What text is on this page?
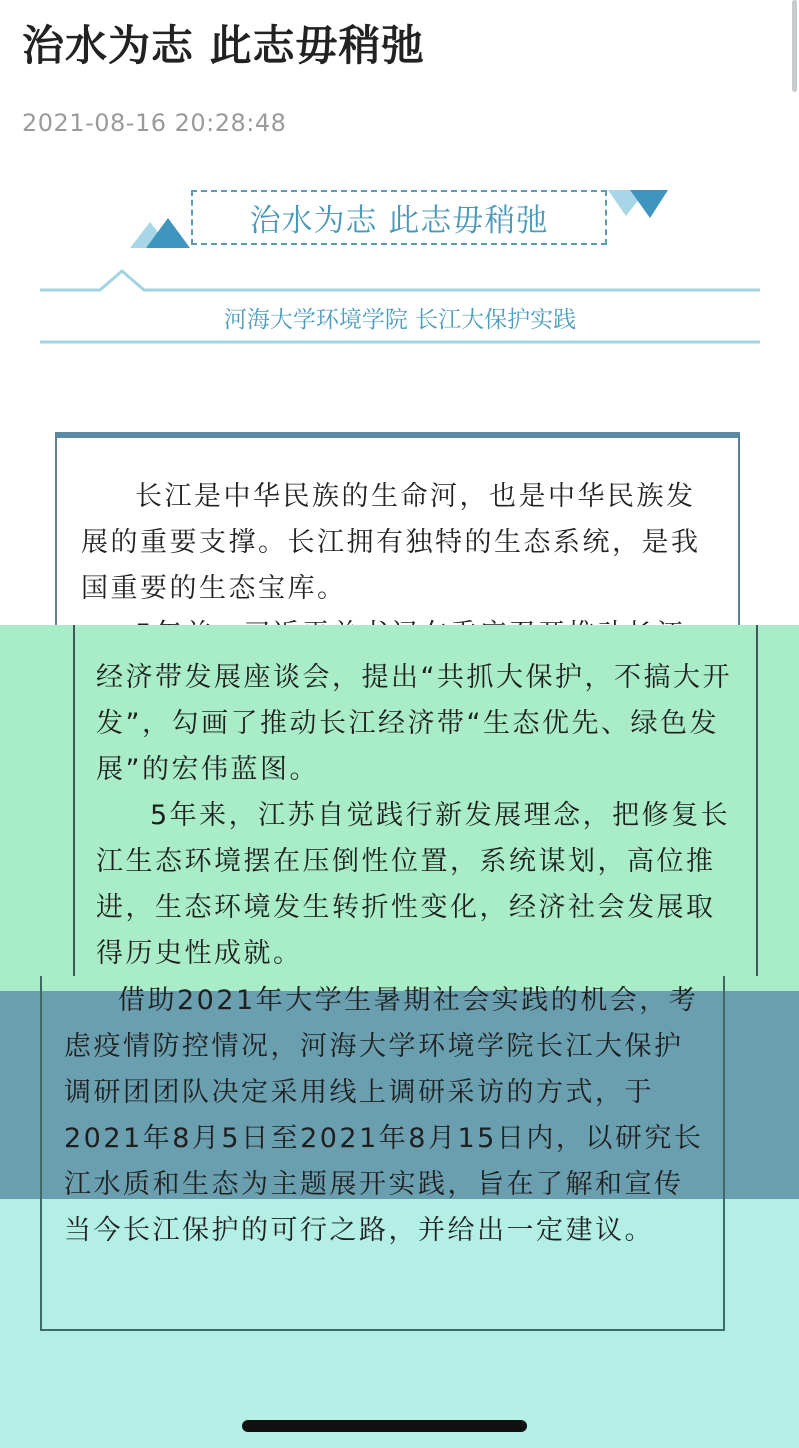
治水为志 此志毋稍弛
2021-08-16 20:28:48
治水为志 此志毋稍弛
河海大学环境学院 长江大保护实践

长江是中华民族的生命河，也是中华民族发展的重要支撑。长江拥有独特的生态系统，是我国重要的生态宝库。

经济带发展座谈会，提出“共抓大保护，不搞大开发”，勾画了推动长江经济带“生态优先、绿色发展”的宏伟蓝图。

5年来，江苏自觉践行新发展理念，把修复长江生态环境摆在压倒性位置，系统谋划，高位推进，生态环境发生转折性变化，经济社会发展取得历史性成就。

借助2021年大学生暑期社会实践的机会，考虑疫情防控情况，河海大学环境学院长江大保护调研团团队决定采用线上调研采访的方式，于2021年8月5日至2021年8月15日内，以研究长江水质和生态为主题展开实践，旨在了解和宣传当今长江保护的可行之路，并给出一定建议。
